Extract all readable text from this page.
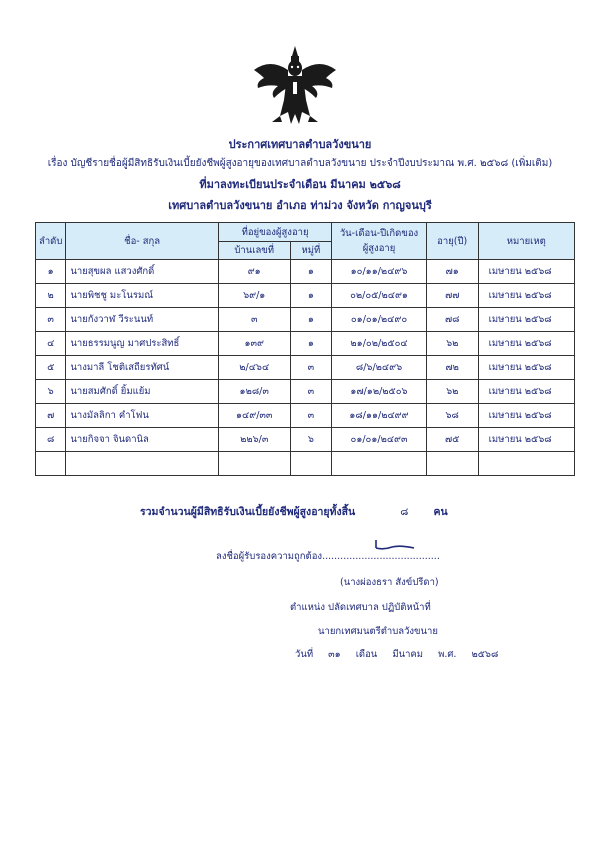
ประกาศเทศบาลตำบลวังขนาย
เรื่อง บัญชีรายชื่อผู้มีสิทธิรับเงินเบี้ยยังชีพผู้สูงอายุของเทศบาลตำบลวังขนาย ประจำปีงบประมาณ พ.ศ. ๒๕๖๘ (เพิ่มเติม)
ที่มาลงทะเบียนประจำเดือน มีนาคม ๒๕๖๘
เทศบาลตำบลวังขนาย อำเภอ ท่าม่วง จังหวัด กาญจนบุรี
ลำดับ	ชื่อ- สกุล	ที่อยู่ของผู้สูงอายุ		วัน-เดือน-ปีเกิดของ
ผู้สูงอายุ	อายุ(ปี)	หมายเหตุ
		บ้านเลขที่	หมู่ที่			
๑	นายสุขผล แสวงศักดิ์	๙๑	๑	๑๐/๑๑/๒๔๙๖	๗๑	เมษายน ๒๕๖๘
๒	นายพิชชู มะโนรมณ์	๖๙/๑	๑	๐๒/๐๕/๒๔๙๑	๗๗	เมษายน ๒๕๖๘
๓	นายกังวาฬ วีระนนท์	๓	๑	๐๑/๐๑/๒๔๙๐	๗๘	เมษายน ๒๕๖๘
๔	นายธรรมนูญ มาศประสิทธิ์	๑๓๙	๑	๒๑/๐๒/๒๕๐๔	๖๒	เมษายน ๒๕๖๘
๕	นางมาลี โชติเสถียรทัศน์	๒/๔๖๔	๓	๘/๖/๒๔๙๖	๗๒	เมษายน ๒๕๖๘
๖	นายสมศักดิ์ ยิ้มแย้ม	๑๒๘/๓	๓	๑๗/๑๒/๒๕๐๖	๖๒	เมษายน ๒๕๖๘
๗	นางมัลลิกา คำโฟน	๑๔๙/๓๓	๓	๑๘/๑๑/๒๔๙๙	๖๘	เมษายน ๒๕๖๘
๘	นายกิจจา จินดานิล	๒๒๖/๓	๖	๐๑/๐๑/๒๔๙๓	๗๕	เมษายน ๒๕๖๘

รวมจำนวนผู้มีสิทธิรับเงินเบี้ยยังชีพผู้สูงอายุทั้งสิ้น	๘ คน
ลงชื่อผู้รับรองความถูกต้อง.......................................
(นางผ่องธรา สังข์ปรีดา)
ตำแหน่ง ปลัดเทศบาล ปฏิบัติหน้าที่
นายกเทศมนตรีตำบลวังขนาย
วันที่ ๓๑ เดือน มีนาคม พ.ศ. ๒๕๖๘
